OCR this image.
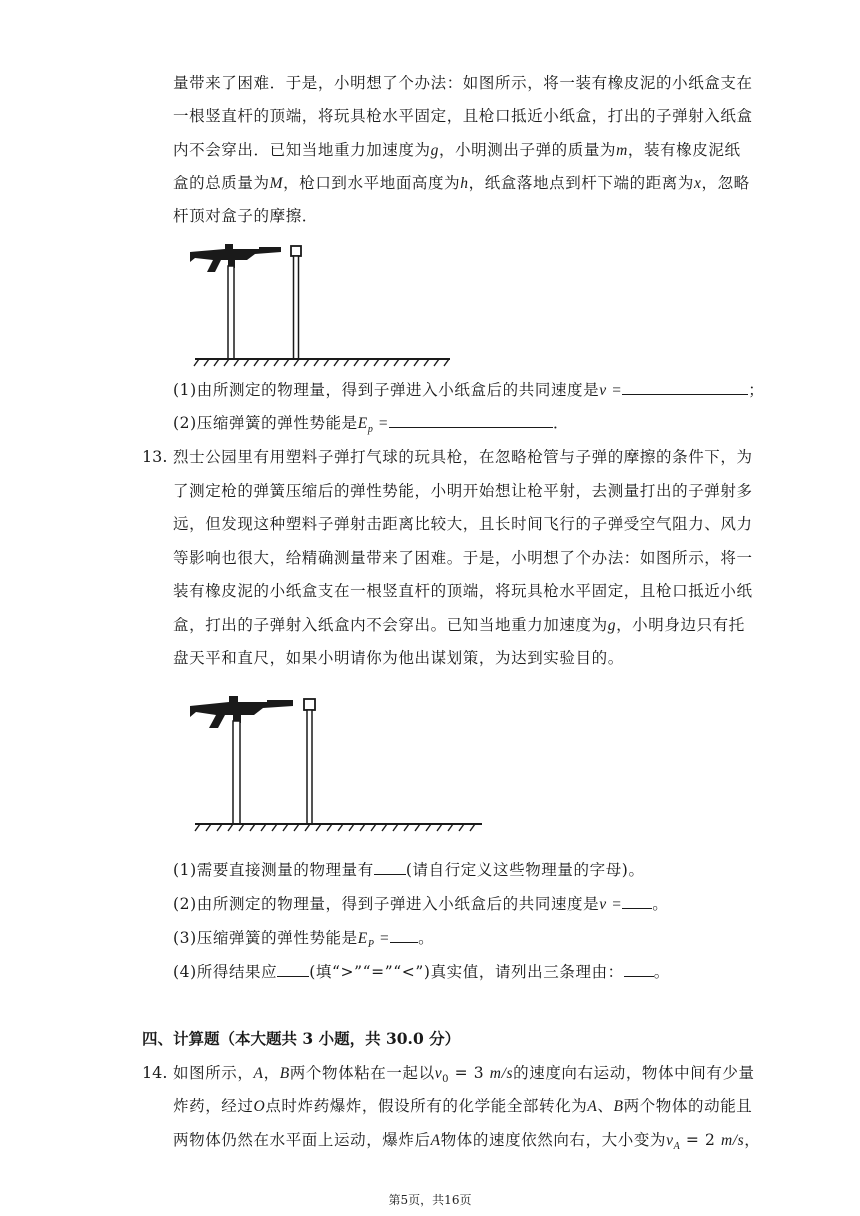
量带来了困难．于是，小明想了个办法：如图所示，将一装有橡皮泥的小纸盒支在
一根竖直杆的顶端，将玩具枪水平固定，且枪口抵近小纸盒，打出的子弹射入纸盒
内不会穿出．已知当地重力加速度为g，小明测出子弹的质量为m，装有橡皮泥纸
盒的总质量为M，枪口到水平地面高度为h，纸盒落地点到杆下端的距离为x，忽略
杆顶对盒子的摩擦．
(1)由所测定的物理量，得到子弹进入小纸盒后的共同速度是v =	；
(2)压缩弹簧的弹性势能是$E_p$ =	．
13. 烈士公园里有用塑料子弹打气球的玩具枪，在忽略枪管与子弹的摩擦的条件下，为
了测定枪的弹簧压缩后的弹性势能，小明开始想让枪平射，去测量打出的子弹射多
远，但发现这种塑料子弹射击距离比较大，且长时间飞行的子弹受空气阻力、风力
等影响也很大，给精确测量带来了困难。于是，小明想了个办法：如图所示，将一
装有橡皮泥的小纸盒支在一根竖直杆的顶端，将玩具枪水平固定，且枪口抵近小纸
盒，打出的子弹射入纸盒内不会穿出。已知当地重力加速度为g，小明身边只有托
盘天平和直尺，如果小明请你为他出谋划策，为达到实验目的。
(1)需要直接测量的物理量有 (请自行定义这些物理量的字母)。
(2)由所测定的物理量，得到子弹进入小纸盒后的共同速度是v = 。
(3)压缩弹簧的弹性势能是$E_P$ = 。
(4)所得结果应 (填“>”“=”“<”)真实值，请列出三条理由： 。
四、计算题（本大题共 3 小题，共 30.0 分）
14. 如图所示，A，B两个物体粘在一起以$v_0 = 3$ m/s的速度向右运动，物体中间有少量
炸药，经过O点时炸药爆炸，假设所有的化学能全部转化为A、B两个物体的动能且
两物体仍然在水平面上运动，爆炸后A物体的速度依然向右，大小变为$v_A = 2$ m/s，
第5页，共16页
